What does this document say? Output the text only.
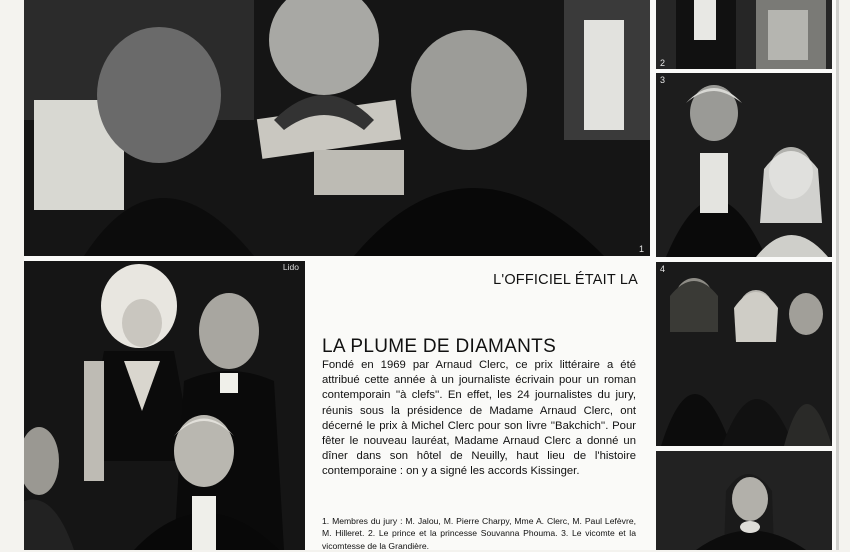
1
2
3
Lido
L'OFFICIEL ÉTAIT LA
LA PLUME DE DIAMANTS

Fondé en 1969 par Arnaud Clerc, ce prix littéraire a été attribué cette année à un journaliste écrivain pour un roman contemporain ''à clefs''. En effet, les 24 journalistes du jury, réunis sous la présidence de Madame Arnaud Clerc, ont décerné le prix à Michel Clerc pour son livre ''Bakchich''. Pour fêter le nouveau lauréat, Madame Arnaud Clerc a donné un dîner dans son hôtel de Neuilly, haut lieu de l'histoire contemporaine : on y a signé les accords Kissinger.

1. Membres du jury : M. Jalou, M. Pierre Charpy, Mme A. Clerc, M. Paul Lefèvre, M. Hilleret. 2. Le prince et la princesse Souvanna Phouma. 3. Le vicomte et la vicomtesse de la Grandière.

4
